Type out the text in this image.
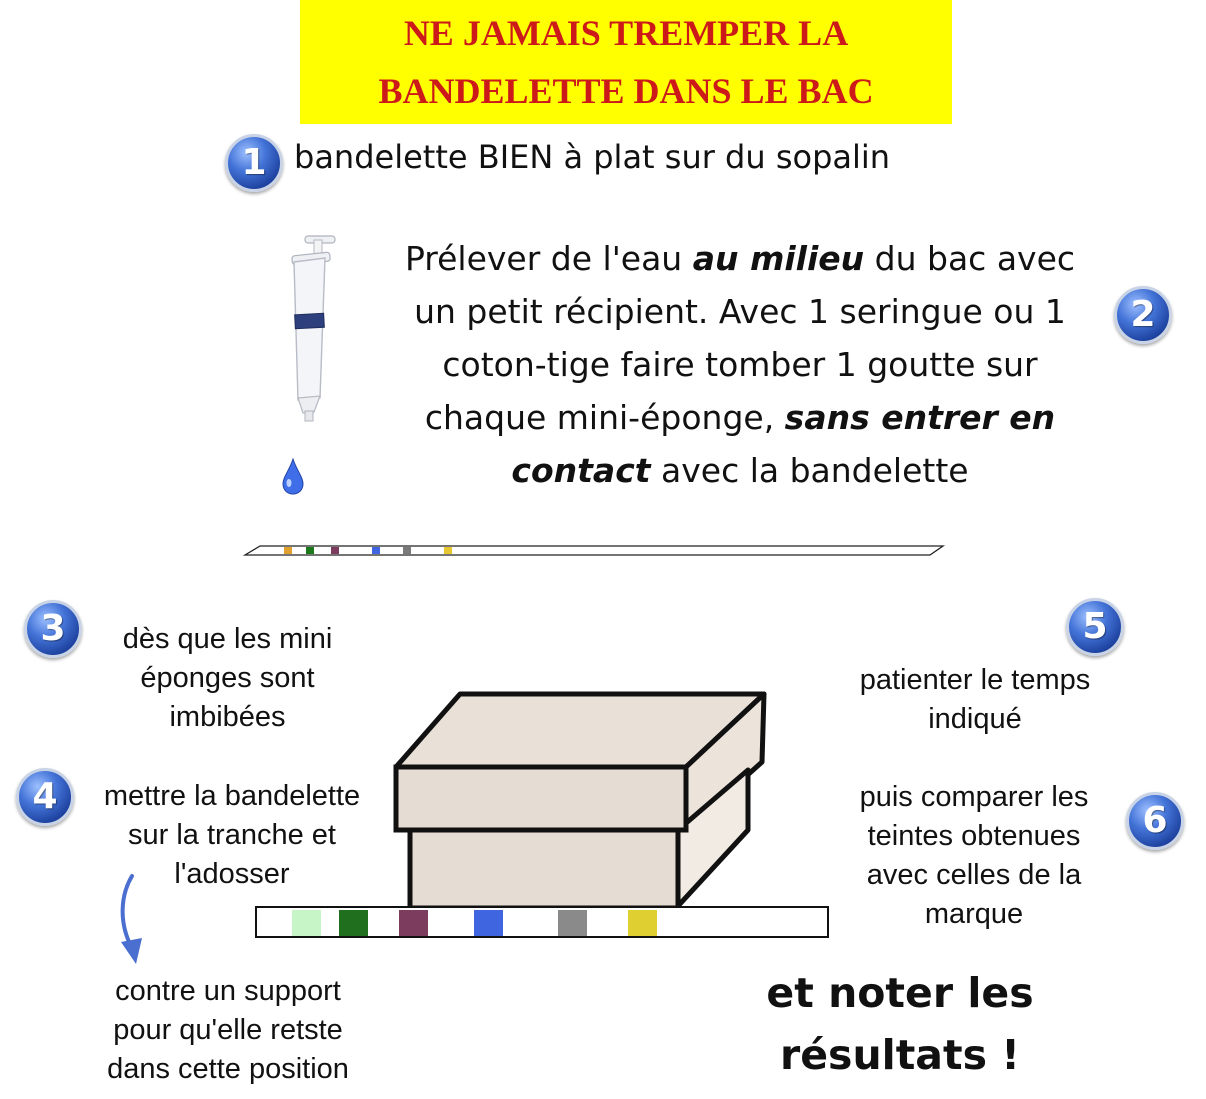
NE JAMAIS TREMPER LA
BANDELETTE DANS LE BAC
1 bandelette BIEN à plat sur du sopalin
Prélever de l'eau au milieu du bac avec un petit récipient. Avec 1 seringue ou 1 coton-tige faire tomber 1 goutte sur chaque mini-éponge, sans entrer en contact avec la bandelette
2
3	dès que les mini
éponges sont
imbibées
4	mettre la bandelette
sur la tranche et
l'adosser
contre un support
pour qu'elle retste
dans cette position
5
patienter le temps
indiqué
6
puis comparer les
teintes obtenues
avec celles de la
marque
et noter les
résultats !
